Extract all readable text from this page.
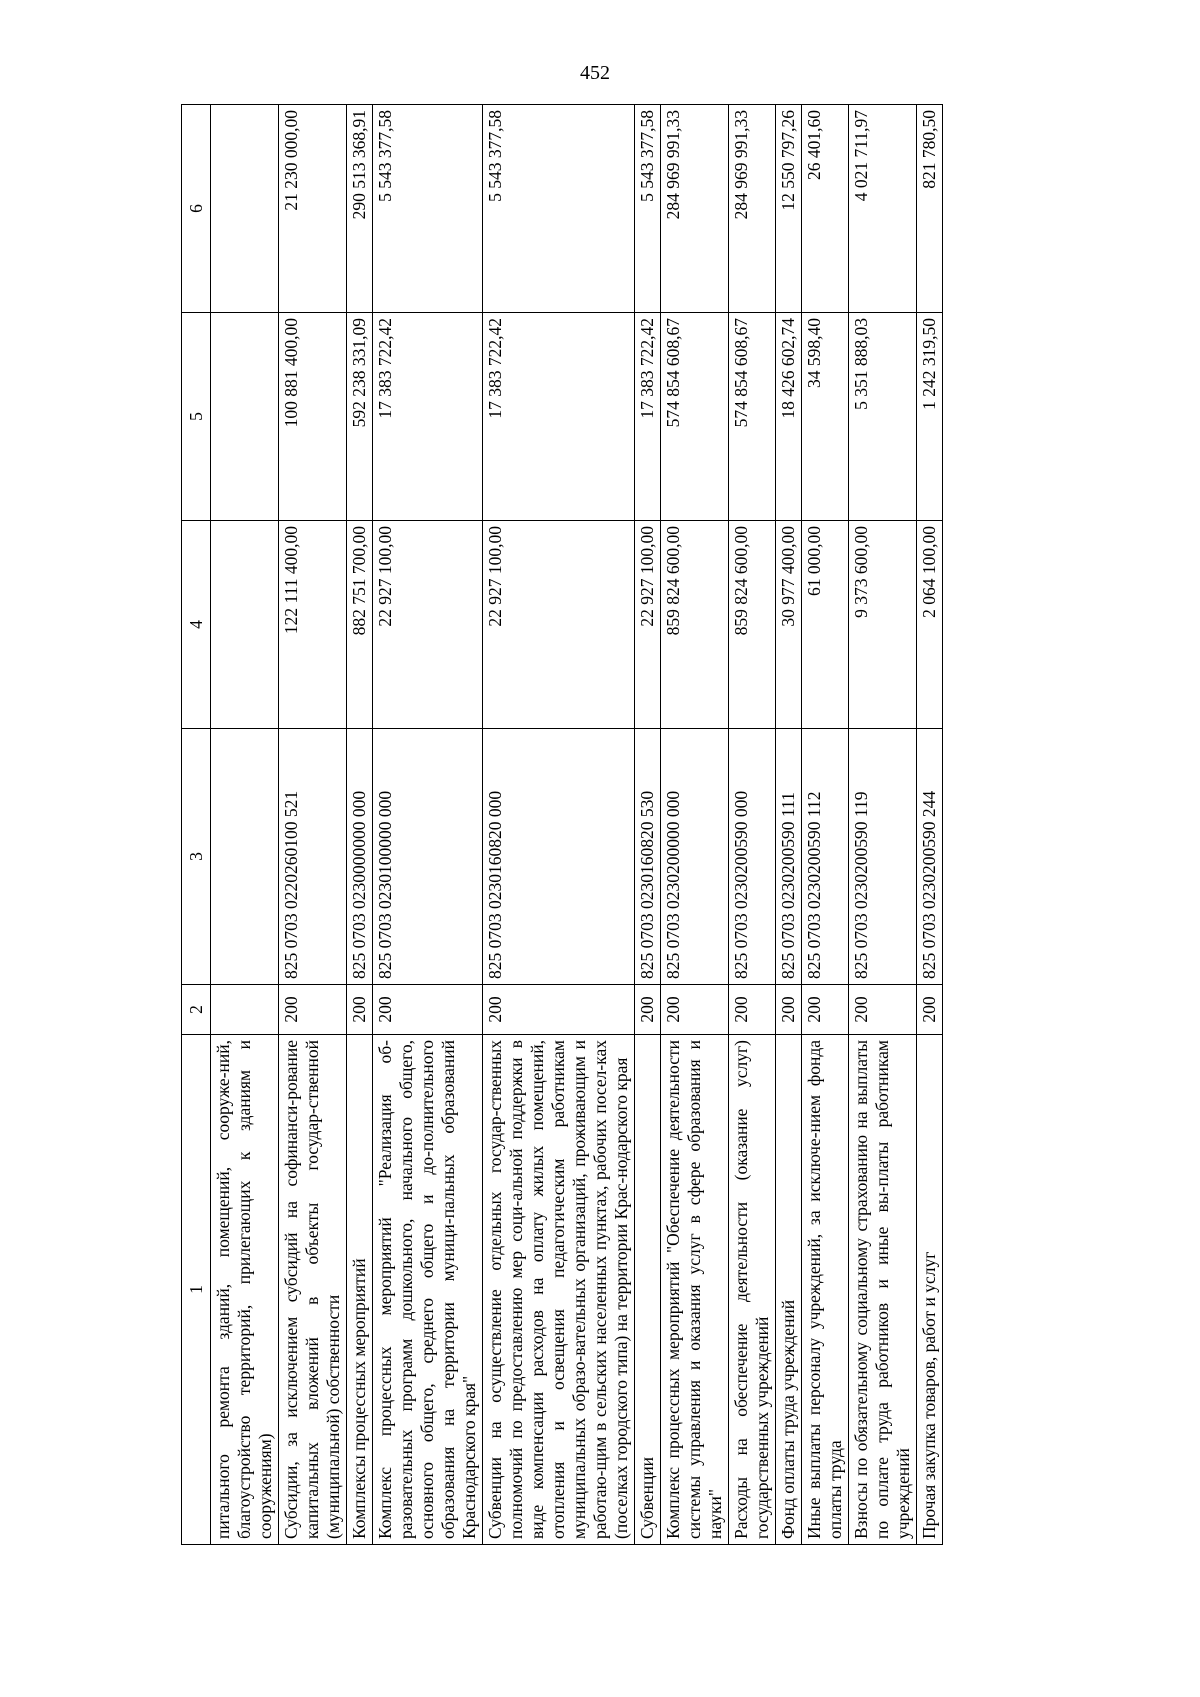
452
1	2	3	4	5	6
питального ремонта зданий, помещений, сооруже-ний, благоустройство территорий, прилегающих к зданиям и сооружениям)					
Субсидии, за исключением субсидий на софинанси-рование капитальных вложений в объекты государ-ственной (муниципальной) собственности	200	825 0703 0220260100 521	122 111 400,00	100 881 400,00	21 230 000,00
Комплексы процессных мероприятий	200	825 0703 0230000000 000	882 751 700,00	592 238 331,09	290 513 368,91
Комплекс процессных мероприятий "Реализация об-разовательных программ дошкольного, начального общего, основного общего, среднего общего и до-полнительного образования на территории муници-пальных образований Краснодарского края"	200	825 0703 0230100000 000	22 927 100,00	17 383 722,42	5 543 377,58
Субвенции на осуществление отдельных государ-ственных полномочий по предоставлению мер соци-альной поддержки в виде компенсации расходов на оплату жилых помещений, отопления и освещения педагогическим работникам муниципальных образо-вательных организаций, проживающим и работаю-щим в сельских населенных пунктах, рабочих посел-ках (поселках городского типа) на территории Крас-нодарского края	200	825 0703 0230160820 000	22 927 100,00	17 383 722,42	5 543 377,58
Субвенции	200	825 0703 0230160820 530	22 927 100,00	17 383 722,42	5 543 377,58
Комплекс процессных мероприятий "Обеспечение деятельности системы управления и оказания услуг в сфере образования и науки"	200	825 0703 0230200000 000	859 824 600,00	574 854 608,67	284 969 991,33
Расходы на обеспечение деятельности (оказание услуг) государственных учреждений	200	825 0703 0230200590 000	859 824 600,00	574 854 608,67	284 969 991,33
Фонд оплаты труда учреждений	200	825 0703 0230200590 111	30 977 400,00	18 426 602,74	12 550 797,26
Иные выплаты персоналу учреждений, за исключе-нием фонда оплаты труда	200	825 0703 0230200590 112	61 000,00	34 598,40	26 401,60
Взносы по обязательному социальному страхованию на выплаты по оплате труда работников и иные вы-платы работникам учреждений	200	825 0703 0230200590 119	9 373 600,00	5 351 888,03	4 021 711,97
Прочая закупка товаров, работ и услуг	200	825 0703 0230200590 244	2 064 100,00	1 242 319,50	821 780,50
